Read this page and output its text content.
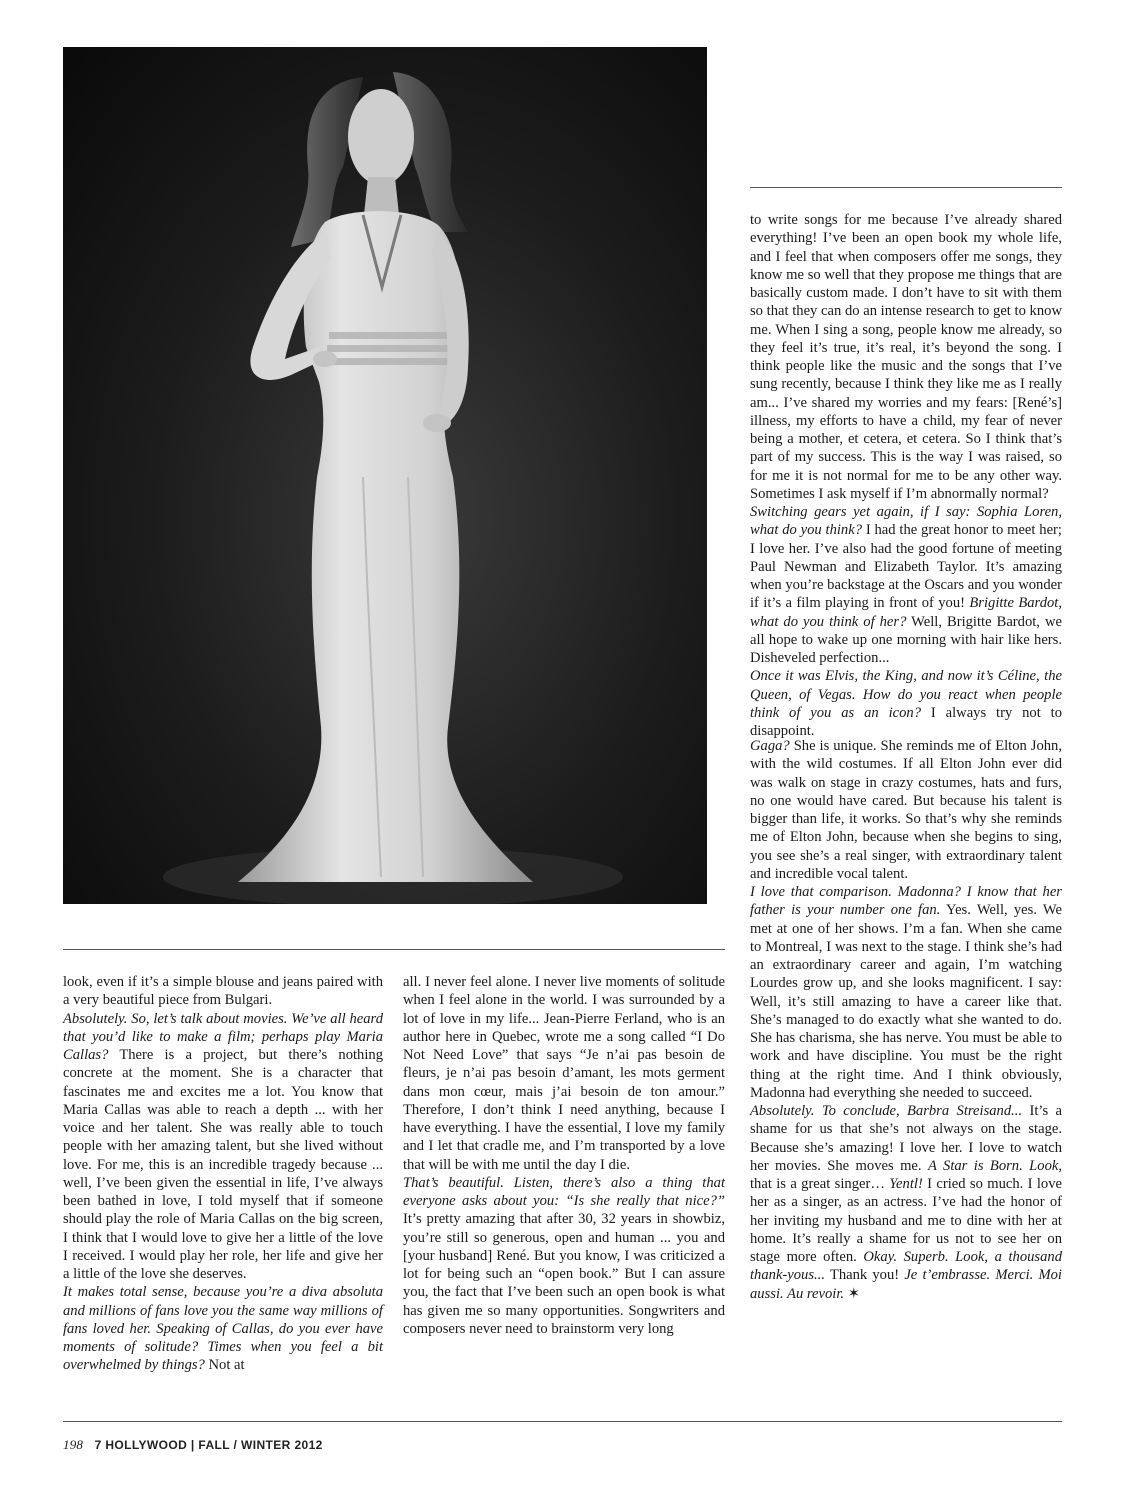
look, even if it’s a simple blouse and jeans paired with a very beautiful piece from Bulgari.

Absolutely. So, let’s talk about movies. We’ve all heard that you’d like to make a film; perhaps play Maria Callas? There is a project, but there’s nothing concrete at the moment. She is a character that fascinates me and excites me a lot. You know that Maria Callas was able to reach a depth ... with her voice and her talent. She was really able to touch people with her amazing talent, but she lived without love. For me, this is an incredible tragedy because ... well, I’ve been given the essential in life, I’ve always been bathed in love, I told myself that if someone should play the role of Maria Callas on the big screen, I think that I would love to give her a little of the love I received. I would play her role, her life and give her a little of the love she deserves.

It makes total sense, because you’re a diva absoluta and millions of fans love you the same way millions of fans loved her. Speaking of Callas, do you ever have moments of solitude? Times when you feel a bit overwhelmed by things? Not at

all. I never feel alone. I never live moments of solitude when I feel alone in the world. I was surrounded by a lot of love in my life... Jean-Pierre Ferland, who is an author here in Quebec, wrote me a song called “I Do Not Need Love” that says “Je n’ai pas besoin de fleurs, je n’ai pas besoin d’amant, les mots germent dans mon cœur, mais j’ai besoin de ton amour.” Therefore, I don’t think I need anything, because I have everything. I have the essential, I love my family and I let that cradle me, and I’m transported by a love that will be with me until the day I die.

That’s beautiful. Listen, there’s also a thing that everyone asks about you: “Is she really that nice?” It’s pretty amazing that after 30, 32 years in showbiz, you’re still so generous, open and human ... you and [your husband] René. But you know, I was criticized a lot for being such an “open book.” But I can assure you, the fact that I’ve been such an open book is what has given me so many opportunities. Songwriters and composers never need to brainstorm very long

to write songs for me because I’ve already shared everything! I’ve been an open book my whole life, and I feel that when composers offer me songs, they know me so well that they propose me things that are basically custom made. I don’t have to sit with them so that they can do an intense research to get to know me. When I sing a song, people know me already, so they feel it’s true, it’s real, it’s beyond the song. I think people like the music and the songs that I’ve sung recently, because I think they like me as I really am... I’ve shared my worries and my fears: [René’s] illness, my efforts to have a child, my fear of never being a mother, et cetera, et cetera. So I think that’s part of my success. This is the way I was raised, so for me it is not normal for me to be any other way. Sometimes I ask myself if I’m abnormally normal?

Switching gears yet again, if I say: Sophia Loren, what do you think? I had the great honor to meet her; I love her. I’ve also had the good fortune of meeting Paul Newman and Elizabeth Taylor. It’s amazing when you’re backstage at the Oscars and you wonder if it’s a film playing in front of you! Brigitte Bardot, what do you think of her? Well, Brigitte Bardot, we all hope to wake up one morning with hair like hers. Disheveled perfection...

Once it was Elvis, the King, and now it’s Céline, the Queen, of Vegas. How do you react when people think of you as an icon? I always try not to disappoint.

Gaga? She is unique. She reminds me of Elton John, with the wild costumes. If all Elton John ever did was walk on stage in crazy costumes, hats and furs, no one would have cared. But because his talent is bigger than life, it works. So that’s why she reminds me of Elton John, because when she begins to sing, you see she’s a real singer, with extraordinary talent and incredible vocal talent.

I love that comparison. Madonna? I know that her father is your number one fan. Yes. Well, yes. We met at one of her shows. I’m a fan. When she came to Montreal, I was next to the stage. I think she’s had an extraordinary career and again, I’m watching Lourdes grow up, and she looks magnificent. I say: Well, it’s still amazing to have a career like that. She’s managed to do exactly what she wanted to do. She has charisma, she has nerve. You must be able to work and have discipline. You must be the right thing at the right time. And I think obviously, Madonna had everything she needed to succeed.

Absolutely. To conclude, Barbra Streisand... It’s a shame for us that she’s not always on the stage. Because she’s amazing! I love her. I love to watch her movies. She moves me. A Star is Born. Look, that is a great singer… Yentl! I cried so much. I love her as a singer, as an actress. I’ve had the honor of her inviting my husband and me to dine with her at home. It’s really a shame for us not to see her on stage more often. Okay. Superb. Look, a thousand thank-yous... Thank you! Je t’embrasse. Merci. Moi aussi. Au revoir. ✶

198 7 HOLLYWOOD | FALL / WINTER 2012
